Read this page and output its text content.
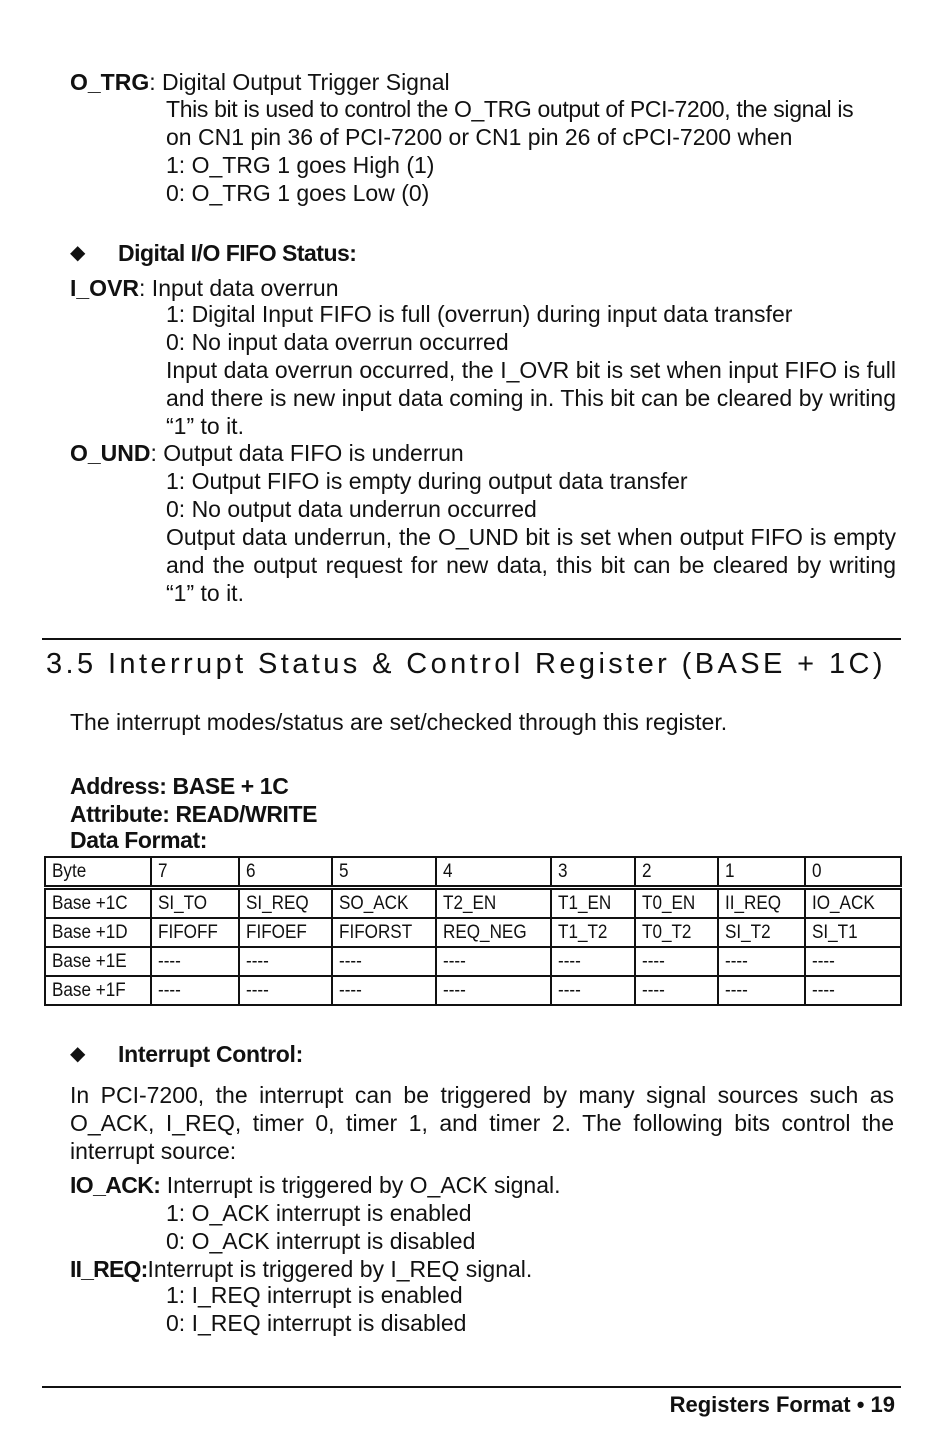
O_TRG: Digital Output Trigger Signal
This bit is used to control the O_TRG output of PCI-7200, the signal is
on CN1 pin 36 of PCI-7200 or CN1 pin 26 of cPCI-7200 when
1: O_TRG 1 goes High (1)
0: O_TRG 1 goes Low (0)
◆ Digital I/O FIFO Status:
I_OVR: Input data overrun
1: Digital Input FIFO is full (overrun) during input data transfer
0: No input data overrun occurred
Input data overrun occurred, the I_OVR bit is set when input FIFO is full and there is new input data coming in. This bit can be cleared by writing “1” to it.
O_UND: Output data FIFO is underrun
1: Output FIFO is empty during output data transfer
0: No output data underrun occurred
Output data underrun, the O_UND bit is set when output FIFO is empty and the output request for new data, this bit can be cleared by writing “1” to it.
3.5 Interrupt Status & Control Register (BASE + 1C)
The interrupt modes/status are set/checked through this register.
Address: BASE + 1C
Attribute: READ/WRITE
Data Format:
Byte	7	6	5	4	3	2	1	0
Base +1C	SI_TO	SI_REQ	SO_ACK	T2_EN	T1_EN	T0_EN	II_REQ	IO_ACK
Base +1D	FIFOFF	FIFOEF	FIFORST	REQ_NEG	T1_T2	T0_T2	SI_T2	SI_T1
Base +1E	----	----	----	----	----	----	----	----
Base +1F	----	----	----	----	----	----	----	----
◆ Interrupt Control:
In PCI-7200, the interrupt can be triggered by many signal sources such as O_ACK, I_REQ, timer 0, timer 1, and timer 2. The following bits control the interrupt source:
IO_ACK: Interrupt is triggered by O_ACK signal.
1: O_ACK interrupt is enabled
0: O_ACK interrupt is disabled
II_REQ:Interrupt is triggered by I_REQ signal.
1: I_REQ interrupt is enabled
0: I_REQ interrupt is disabled
Registers Format • 19
